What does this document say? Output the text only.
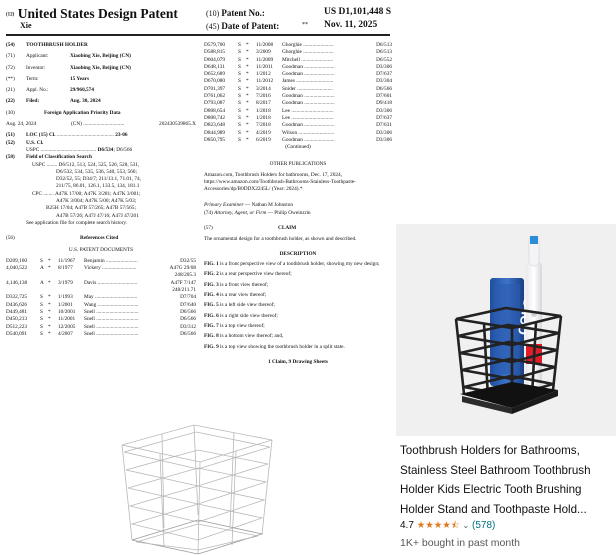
(12) United States Design Patent
Xie
(10) Patent No.:	US D1,101,448 S
(45) Date of Patent:	** Nov. 11, 2025
(54) TOOTHBRUSH HOLDER
(71) Applicant:	Xiaobing Xie, Beijing (CN)
(72) Inventor:	Xiaobing Xie, Beijing (CN)
(**) Term:	15 Years
(21) Appl. No.:	29/960,574
(22) Filed:	Aug. 30, 2024
(30)	Foreign Application Priority Data
Aug. 24, 2024	(CN) ...............................	202430539865.X
(51) LOC (15) Cl. ........................................... 23-06
(52) U.S. Cl.
USPC .......................................... D6/534; D6/566
(58) Field of Classification Search
USPC ........ D6/512, 513, 524, 525, 526, 528, 531,
D6/532, 534, 535, 536, 540, 553, 566;
D32/52, 55; D34/7; 211/13.1, 71.01, 74,
211/75, 86.01, 126.1, 133.5, 134, 181.1
CPC ........ A47K 17/00; A47K 3/281; A47K 3/001;
A47K 3/004; A47K 5/00; A47K 5/03;
B25H 17/04; A47B 57/265; A47B 57/565;
A47B 57/26; A47J 47/16; A47J 47/201
See application file for complete search history.
(56)	References Cited
U.S. PATENT DOCUMENTS
D209,160	S *	11/1967	Benjamin ........................	D32/55
4,040,522	A *	8/1977	Vickery ..........................	A47G 29/08
248/205.3
4,146,138	A *	3/1979	Davis ..............................	A47F 7/147
248/211.71
D332,725	S *	1/1993	May ................................	D7/704
D436,626	S *	1/2001	Wang ...............................	D7/640
D449,481	S *	10/2001	Snell ................................	D6/566
D450,213	S *	11/2001	Snell ................................	D6/566
D512,223	S *	12/2005	Snell ................................	D3/312
D540,091	S *	4/2007	Snell ................................	D6/566
D579,700	S *	11/2008	Ghorghie .......................	D6/513
D588,815	S *	3/2009	Ghorghie .......................	D6/513
D604,079	S *	11/2009	Mitchell ........................	D6/552
D648,131	S *	11/2011	Goodman .......................	D3/306
D652,689	S *	1/2012	Goodman .......................	D7/637
D670,080	S *	11/2012	James ............................	D3/304
D701,397	S *	3/2014	Snider ...........................	D6/566
D761,062	S *	7/2016	Goodman .......................	D7/601
D793,087	S *	8/2017	Goodman .......................	D9/418
D808,654	S *	1/2018	Lee ................................	D3/306
D808,742	S *	1/2018	Lee ................................	D7/637
D823,648	S *	7/2018	Goodman .......................	D7/631
D844,989	S *	4/2019	Wilson ...........................	D3/306
D850,795	S *	6/2019	Goodman .......................	D3/306
(Continued)
OTHER PUBLICATIONS
Amazon.com, Toothbrush Holders for bathrooms, Dec. 17, 2024, https://www.amazon.com/Toothbrush-Bathrooms-Stainless-Toothpaste-Accessories/dp/B0DDX2245L/ (Year: 2024).*
Primary Examiner — Nathan M Johnston
(74) Attorney, Agent, or Firm — Philip Oweinzrin
(57)	CLAIM
The ornamental design for a toothbrush holder, as shown and described.
DESCRIPTION
FIG. 1 is a front perspective view of a toothbrush holder, showing my new design;
FIG. 2 is a rear perspective view thereof;
FIG. 3 is a front view thereof;
FIG. 4 is a rear view thereof;
FIG. 5 is a left side view thereof;
FIG. 6 is a right side view thereof;
FIG. 7 is a top view thereof;
FIG. 8 is a bottom view thereof; and,
FIG. 9 is a top view showing the toothbrush holder in a split state.
1 Claim, 9 Drawing Sheets
Toothbrush Holders for Bathrooms, Stainless Steel Bathroom Toothbrush Holder Kids Electric Tooth Brushing Holder Stand and Toothpaste Hold...
4.7 ★★★★⯪ ⌄ (578)
1K+ bought in past month
